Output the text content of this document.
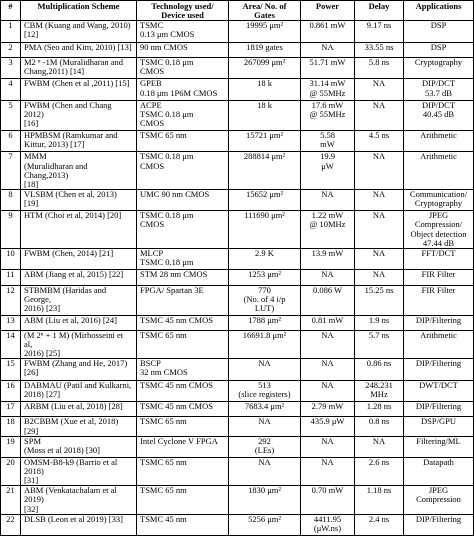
#	Multiplication Scheme	Technology used/ Device used	Area/ No. of Gates	Power	Delay	Applications
1	CBM (Kuang and Wang, 2010)
[12]	TSMC
0.13 μm CMOS	19995 μm²	0.861 mW	9.17 ns	DSP

2	PMA (Seo and Kim, 2010) [13]	90 nm CMOS	1819 gates	NA	33.55 ns	DSP

3	M2 ⁿ -1M (Muralidharan and
Chang,2011) [14]	TSMC 0.18 μm
CMOS	267099 μm²	51.71 mW	5.8 ns	Cryptography

4	FWBM (Chen et al ,2011) [15]	GPEB
0.18 μm 1P6M CMOS	18 k	31.14 mW
@ 55MHz	NA	DIP/DCT
53.7 dB

5	FWBM (Chen and Chang 2012)
[16]	ACPE
TSMC 0.18 μm
CMOS	18 k	17.6 mW
@ 55MHz	NA	DIP/DCT
40.45 dB

6	HPMBSM (Ramkumar and
Kittur, 2013) [17]	TSMC 65 nm	15721 μm²	5.58
mW	4.5 ns	Arithmetic

7	MMM
(Muralidharan and Chang,2013)
[18]	TSMC 0.18 μm
CMOS	288814 μm²	19.9
μW	NA	Arithmetic

8	VLSBM (Chen et al, 2013) [19]	UMC 90 nm CMOS	15652 μm²	NA	NA	Communication/
Cryptography

9	HTM (Choi et al, 2014) [20]	TSMC 0.18 μm
CMOS	111690 μm²	1.22 mW
@ 10MHz	NA	JPEG
Compression/
Object detection
47.44 dB

10	FWBM (Chen, 2014) [21]	MLCP
TSMC 0.18 μm	2.9 K	13.9 mW	NA	FFT/DCT

11	ABM (Jiang et al, 2015) [22]	STM 28 nm CMOS	1253 μm²	NA	NA	FIR Filter

12	STBMBM (Haridas and George,
2016) [23]	FPGA/ Spartan 3E	770
(No. of 4 i/p
LUT)	0.086 W	15.25 ns	FIR Filter

13	ABM (Liu et al, 2016) [24]	TSMC 45 nm CMOS	1788 μm²	0.81 mW	1.9 ns	DIP/Filtering

14	(M 2ⁿ + 1 M) (Mirhosseini et al,
2016) [25]	TSMC 65 nm	16691.8 μm²	NA	5.7 ns	Arithmetic

15	FWBM (Zhang and He, 2017)
[26]	BSCP
32 nm CMOS	NA	NA	0.86 ns	DIP/Filtering

16	DABMAU (Patil and Kulkarni,
2018) [27]	TSMC 45 nm CMOS	513
(slice registers)	NA	248.231
MHz	DWT/DCT

17	ARBM (Liu et al, 2018) [28]	TSMC 45 nm CMOS	7683.4 μm²	2.79 mW	1.28 ns	DIP/Filtering

18	B2CBBM (Xue et al, 2018) [29]	TSMC 65 nm	NA	435.9 μW	0.8 ns	DSP/GPU

19	SPM
(Moss et al 2018) [30]	Intel Cyclone V FPGA	292
(LEs)	NA	NA	Filtering/ML

20	OMSM-B8-k9 (Barrio et al 2018)
[31]	TSMC 65 nm	NA	NA	2.6 ns	Datapath

21	ABM (Venkatachalam et al 2019)
[32]	TSMC 65 nm	1830 μm²	0.70 mW	1.18 ns	JPEG
Compression

22	DLSB (Leon et al 2019) [33]	TSMC 45 nm	5256 μm²	4411.95
(μW.ns)	2.4 ns	DIP/Filtering
